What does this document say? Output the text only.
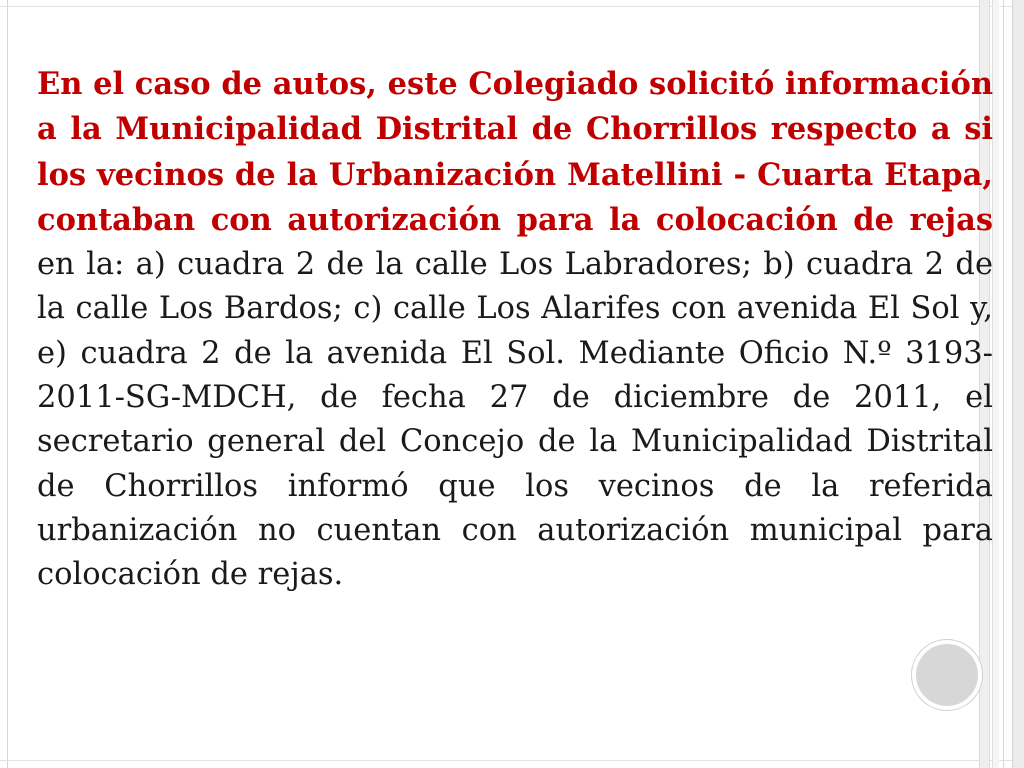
En el caso de autos, este Colegiado solicitó información a la Municipalidad Distrital de Chorrillos respecto a si los vecinos de la Urbanización Matellini - Cuarta Etapa, contaban con autorización para la colocación de rejas en la: a) cuadra 2 de la calle Los Labradores; b) cuadra 2 de la calle Los Bardos; c) calle Los Alarifes con avenida El Sol y, e) cuadra 2 de la avenida El Sol. Mediante Oficio N.º 3193-2011-SG-MDCH, de fecha 27 de diciembre de 2011, el secretario general del Concejo de la Municipalidad Distrital de Chorrillos informó que los vecinos de la referida urbanización no cuentan con autorización municipal para colocación de rejas.
